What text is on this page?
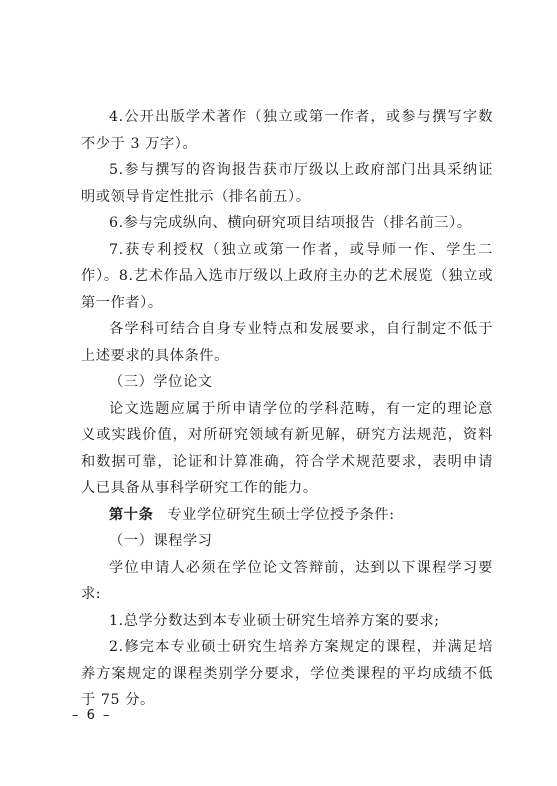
4.公开出版学术著作（独立或第一作者，或参与撰写字数不少于 3 万字）。

5.参与撰写的咨询报告获市厅级以上政府部门出具采纳证明或领导肯定性批示（排名前五）。

6.参与完成纵向、横向研究项目结项报告（排名前三）。

7.获专利授权（独立或第一作者，或导师一作、学生二作）。8.艺术作品入选市厅级以上政府主办的艺术展览（独立或第一作者）。

各学科可结合自身专业特点和发展要求，自行制定不低于上述要求的具体条件。

（三）学位论文

论文选题应属于所申请学位的学科范畴，有一定的理论意义或实践价值，对所研究领域有新见解，研究方法规范，资料和数据可靠，论证和计算准确，符合学术规范要求，表明申请人已具备从事科学研究工作的能力。

第十条 专业学位研究生硕士学位授予条件:

（一）课程学习

学位申请人必须在学位论文答辩前，达到以下课程学习要求:

1.总学分数达到本专业硕士研究生培养方案的要求;

2.修完本专业硕士研究生培养方案规定的课程，并满足培养方案规定的课程类别学分要求，学位类课程的平均成绩不低于 75 分。

– 6 –
